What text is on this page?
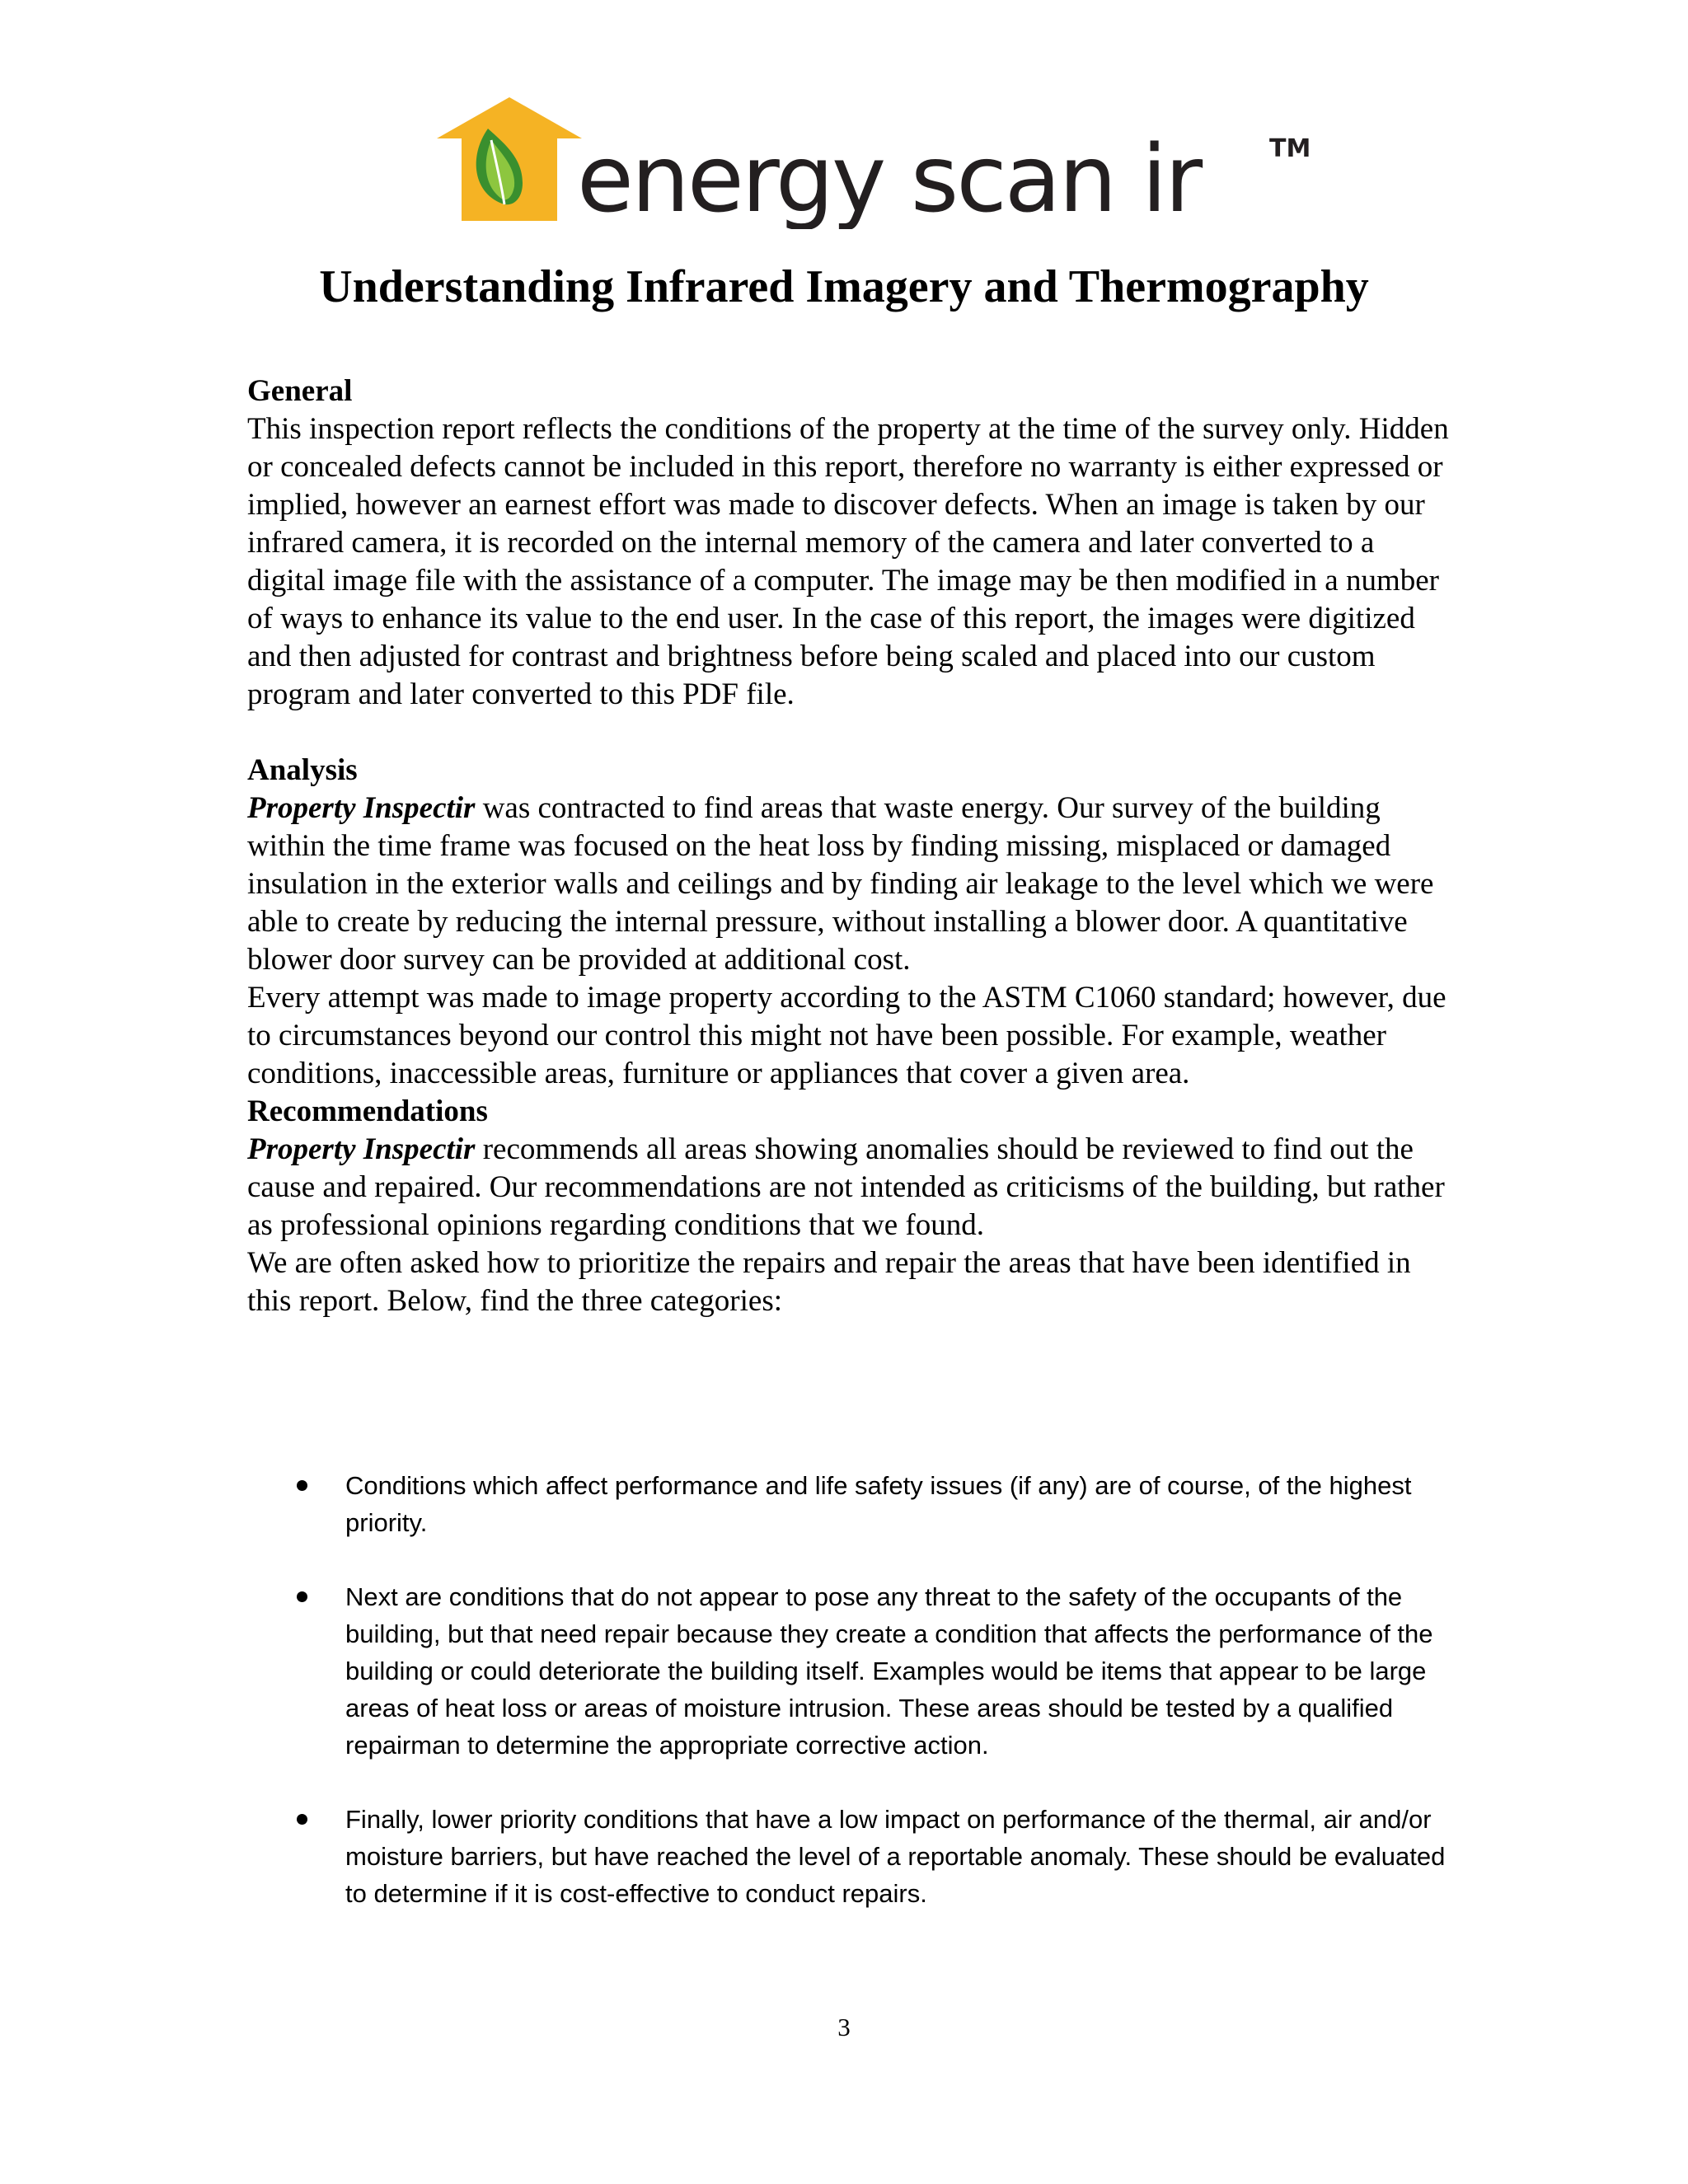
energy scan ir	TM
Understanding Infrared Imagery and Thermography
General

This inspection report reflects the conditions of the property at the time of the survey only. Hidden or concealed defects cannot be included in this report, therefore no warranty is either expressed or implied, however an earnest effort was made to discover defects. When an image is taken by our infrared camera, it is recorded on the internal memory of the camera and later converted to a digital image file with the assistance of a computer. The image may be then modified in a number of ways to enhance its value to the end user. In the case of this report, the images were digitized and then adjusted for contrast and brightness before being scaled and placed into our custom program and later converted to this PDF file.

Analysis

Property Inspectir was contracted to find areas that waste energy. Our survey of the building within the time frame was focused on the heat loss by finding missing, misplaced or damaged insulation in the exterior walls and ceilings and by finding air leakage to the level which we were able to create by reducing the internal pressure, without installing a blower door. A quantitative blower door survey can be provided at additional cost.

Every attempt was made to image property according to the ASTM C1060 standard; however, due to circumstances beyond our control this might not have been possible. For example, weather conditions, inaccessible areas, furniture or appliances that cover a given area.

Recommendations

Property Inspectir recommends all areas showing anomalies should be reviewed to find out the cause and repaired. Our recommendations are not intended as criticisms of the building, but rather as professional opinions regarding conditions that we found.

We are often asked how to prioritize the repairs and repair the areas that have been identified in this report. Below, find the three categories:

Conditions which affect performance and life safety issues (if any) are of course, of the highest priority.
Next are conditions that do not appear to pose any threat to the safety of the occupants of the building, but that need repair because they create a condition that affects the performance of the building or could deteriorate the building itself. Examples would be items that appear to be large areas of heat loss or areas of moisture intrusion. These areas should be tested by a qualified repairman to determine the appropriate corrective action.
Finally, lower priority conditions that have a low impact on performance of the thermal, air and/or moisture barriers, but have reached the level of a reportable anomaly. These should be evaluated to determine if it is cost-effective to conduct repairs.
3
